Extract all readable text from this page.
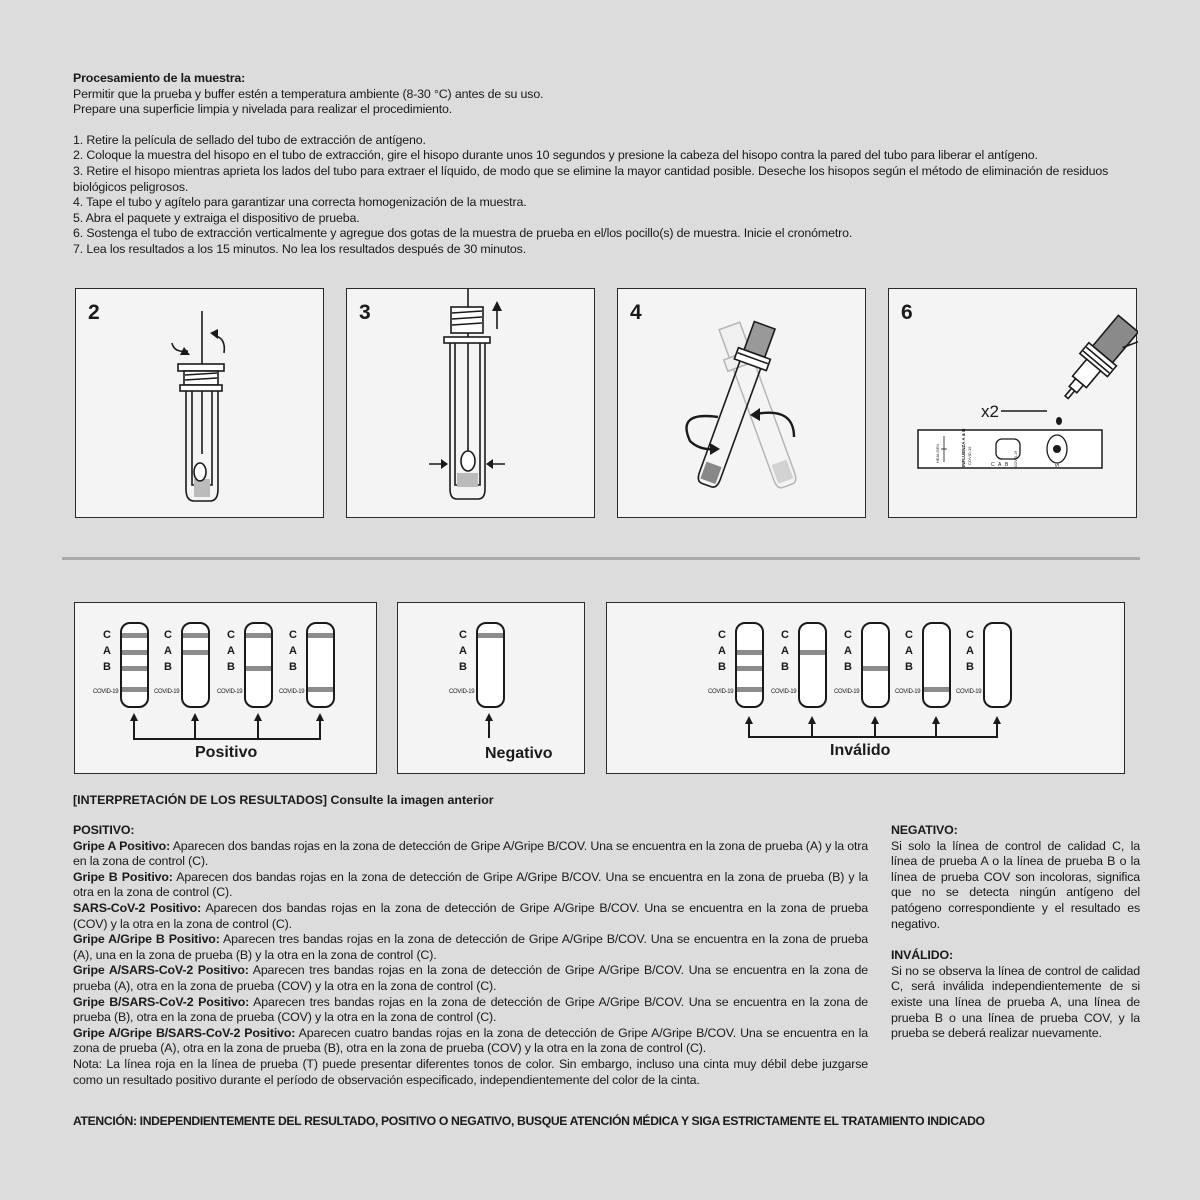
Procesamiento de la muestra:
Permitir que la prueba y buffer estén a temperatura ambiente (8-30 °C) antes de su uso.
Prepare una superficie limpia y nivelada para realizar el procedimiento.
1. Retire la película de sellado del tubo de extracción de antígeno.
2. Coloque la muestra del hisopo en el tubo de extracción, gire el hisopo durante unos 10 segundos y presione la cabeza del hisopo contra la pared del tubo para liberar el antígeno.
3. Retire el hisopo mientras aprieta los lados del tubo para extraer el líquido, de modo que se elimine la mayor cantidad posible. Deseche los hisopos según el método de eliminación de residuos biológicos peligrosos.
4. Tape el tubo y agítelo para garantizar una correcta homogenización de la muestra.
5. Abra el paquete y extraiga el dispositivo de prueba.
6. Sostenga el tubo de extracción verticalmente y agregue dos gotas de la muestra de prueba en el/los pocillo(s) de muestra. Inicie el cronómetro.
7. Lea los resultados a los 15 minutos. No lea los resultados después de 30 minutos.
2	3	4
x2
HEALGEN	INFLUENZA A & B COVID-19	C A B COVID-19	S
6
C
A
B
COVID-19
C
A
B
COVID-19
C
A
B
COVID-19
C
A
B
COVID-19
Positivo
C
A
B
COVID-19
Negativo
C
A
B
COVID-19
C
A
B
COVID-19
C
A
B
COVID-19
C
A
B
COVID-19
C
A
B
COVID-19
Inválido
[INTERPRETACIÓN DE LOS RESULTADOS] Consulte la imagen anterior
POSITIVO:
Gripe A Positivo: Aparecen dos bandas rojas en la zona de detección de Gripe A/Gripe B/COV. Una se encuentra en la zona de prueba (A) y la otra en la zona de control (C).
Gripe B Positivo: Aparecen dos bandas rojas en la zona de detección de Gripe A/Gripe B/COV. Una se encuentra en la zona de prueba (B) y la otra en la zona de control (C).
SARS-CoV-2 Positivo: Aparecen dos bandas rojas en la zona de detección de Gripe A/Gripe B/COV. Una se encuentra en la zona de prueba (COV) y la otra en la zona de control (C).
Gripe A/Gripe B Positivo: Aparecen tres bandas rojas en la zona de detección de Gripe A/Gripe B/COV. Una se encuentra en la zona de prueba (A), una en la zona de prueba (B) y la otra en la zona de control (C).
Gripe A/SARS-CoV-2 Positivo: Aparecen tres bandas rojas en la zona de detección de Gripe A/Gripe B/COV. Una se encuentra en la zona de prueba (A), otra en la zona de prueba (COV) y la otra en la zona de control (C).
Gripe B/SARS-CoV-2 Positivo: Aparecen tres bandas rojas en la zona de detección de Gripe A/Gripe B/COV. Una se encuentra en la zona de prueba (B), otra en la zona de prueba (COV) y la otra en la zona de control (C).
Gripe A/Gripe B/SARS-CoV-2 Positivo: Aparecen cuatro bandas rojas en la zona de detección de Gripe A/Gripe B/COV. Una se encuentra en la zona de prueba (A), otra en la zona de prueba (B), otra en la zona de prueba (COV) y la otra en la zona de control (C).
Nota: La línea roja en la línea de prueba (T) puede presentar diferentes tonos de color. Sin embargo, incluso una cinta muy débil debe juzgarse como un resultado positivo durante el período de observación especificado, independientemente del color de la cinta.
NEGATIVO:
Si solo la línea de control de calidad C, la línea de prueba A o la línea de prueba B o la línea de prueba COV son incoloras, significa que no se detecta ningún antígeno del patógeno correspondiente y el resultado es negativo.
INVÁLIDO:
Si no se observa la línea de control de calidad C, será inválida independientemente de si existe una línea de prueba A, una línea de prueba B o una línea de prueba COV, y la prueba se deberá realizar nuevamente.
ATENCIÓN: INDEPENDIENTEMENTE DEL RESULTADO, POSITIVO O NEGATIVO, BUSQUE ATENCIÓN MÉDICA Y SIGA ESTRICTAMENTE EL TRATAMIENTO INDICADO
